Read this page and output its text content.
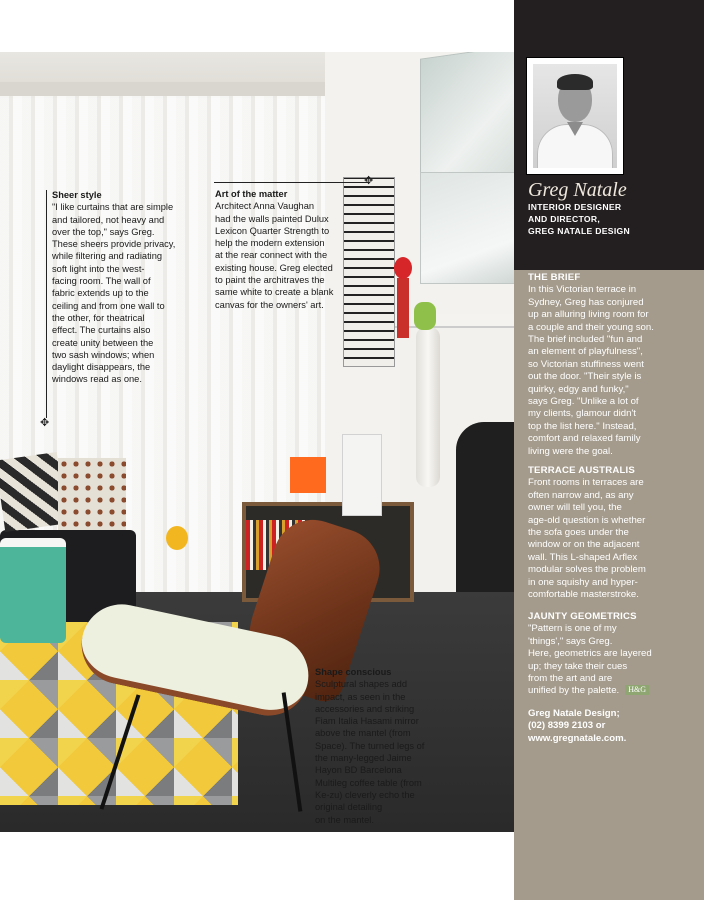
✥
Sheer style
"I like curtains that are simple
and tailored, not heavy and
over the top," says Greg.
These sheers provide privacy,
while filtering and radiating
soft light into the west-
facing room. The wall of
fabric extends up to the
ceiling and from one wall to
the other, for theatrical
effect. The curtains also
create unity between the
two sash windows; when
daylight disappears, the
windows read as one.
✥
Art of the matter
Architect Anna Vaughan
had the walls painted Dulux
Lexicon Quarter Strength to
help the modern extension
at the rear connect with the
existing house. Greg elected
to paint the architraves the
same white to create a blank
canvas for the owners' art.
Shape conscious
Sculptural shapes add
impact, as seen in the
accessories and striking
Fiam Italia Hasami mirror
above the mantel (from
Space). The turned legs of
the many-legged Jaime
Hayon BD Barcelona
Multileg coffee table (from
Ke-zu) cleverly echo the
original detailing
on the mantel.
Greg Natale
INTERIOR DESIGNER
AND DIRECTOR,
GREG NATALE DESIGN
THE BRIEF
In this Victorian terrace in
Sydney, Greg has conjured
up an alluring living room for
a couple and their young son.
The brief included "fun and
an element of playfulness",
so Victorian stuffiness went
out the door. "Their style is
quirky, edgy and funky,"
says Greg. "Unlike a lot of
my clients, glamour didn't
top the list here." Instead,
comfort and relaxed family
living were the goal.
TERRACE AUSTRALIS
Front rooms in terraces are
often narrow and, as any
owner will tell you, the
age-old question is whether
the sofa goes under the
window or on the adjacent
wall. This L-shaped Arflex
modular solves the problem
in one squishy and hyper-
comfortable masterstroke.
JAUNTY GEOMETRICS
"Pattern is one of my
'things'," says Greg.
Here, geometrics are layered
up; they take their cues
from the art and are
unified by the palette. H&G
Greg Natale Design;
(02) 8399 2103 or
www.gregnatale.com.
